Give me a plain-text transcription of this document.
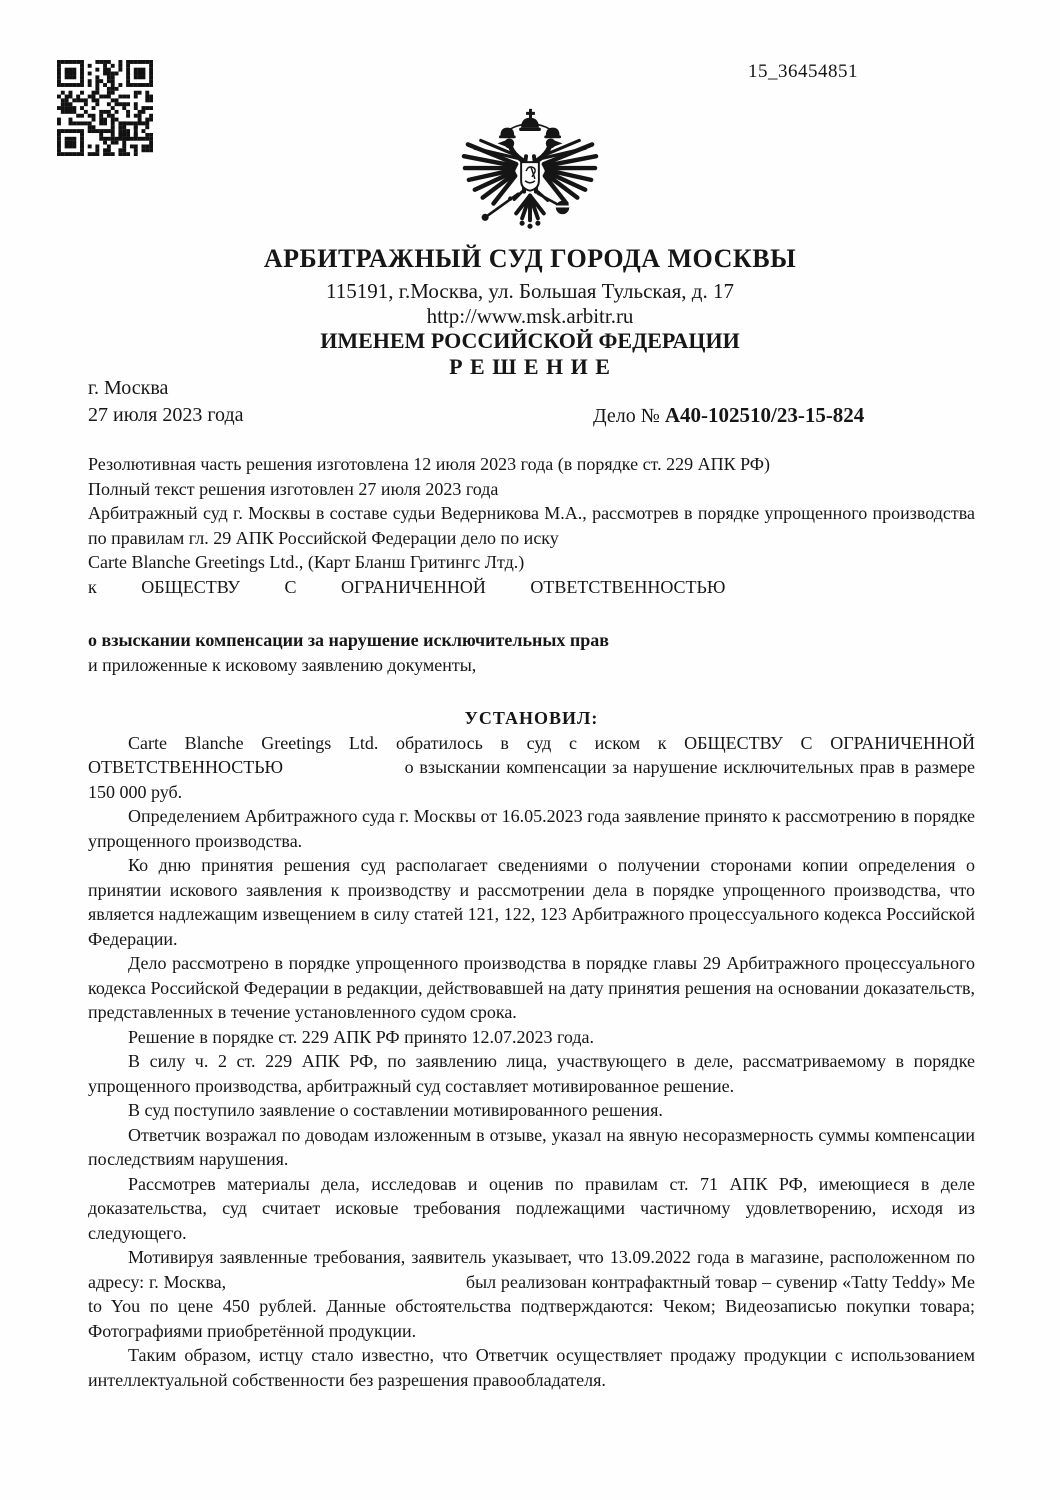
15_36454851
АРБИТРАЖНЫЙ СУД ГОРОДА МОСКВЫ
115191, г.Москва, ул. Большая Тульская, д. 17
http://www.msk.arbitr.ru
ИМЕНЕМ РОССИЙСКОЙ ФЕДЕРАЦИИ
Р Е Ш Е Н И Е
г. Москва
27 июля 2023 года	Дело № А40-102510/23-15-824

Резолютивная часть решения изготовлена 12 июля 2023 года (в порядке ст. 229 АПК РФ)

Полный текст решения изготовлен 27 июля 2023 года

Арбитражный суд г. Москвы в составе судьи Ведерникова М.А., рассмотрев в порядке упрощенного производства по правилам гл. 29 АПК Российской Федерации дело по иску

Carte Blanche Greetings Ltd., (Карт Бланш Гритингс Лтд.)

к ОБЩЕСТВУ С ОГРАНИЧЕННОЙ ОТВЕТСТВЕННОСТЬЮ

о взыскании компенсации за нарушение исключительных прав

и приложенные к исковому заявлению документы,

УСТАНОВИЛ:

Carte Blanche Greetings Ltd. обратилось в суд с иском к ОБЩЕСТВУ С ОГРАНИЧЕННОЙ ОТВЕТСТВЕННОСТЬЮ	о взыскании компенсации за нарушение исключительных прав в размере 150 000 руб.

Определением Арбитражного суда г. Москвы от 16.05.2023 года заявление принято к рассмотрению в порядке упрощенного производства.

Ко дню принятия решения суд располагает сведениями о получении сторонами копии определения о принятии искового заявления к производству и рассмотрении дела в порядке упрощенного производства, что является надлежащим извещением в силу статей 121, 122, 123 Арбитражного процессуального кодекса Российской Федерации.

Дело рассмотрено в порядке упрощенного производства в порядке главы 29 Арбитражного процессуального кодекса Российской Федерации в редакции, действовавшей на дату принятия решения на основании доказательств, представленных в течение установленного судом срока.

Решение в порядке ст. 229 АПК РФ принято 12.07.2023 года.

В силу ч. 2 ст. 229 АПК РФ, по заявлению лица, участвующего в деле, рассматриваемому в порядке упрощенного производства, арбитражный суд составляет мотивированное решение.

В суд поступило заявление о составлении мотивированного решения.

Ответчик возражал по доводам изложенным в отзыве, указал на явную несоразмерность суммы компенсации последствиям нарушения.

Рассмотрев материалы дела, исследовав и оценив по правилам ст. 71 АПК РФ, имеющиеся в деле доказательства, суд считает исковые требования подлежащими частичному удовлетворению, исходя из следующего.

Мотивируя заявленные требования, заявитель указывает, что 13.09.2022 года в магазине, расположенном по адресу: г. Москва,	был реализован контрафактный товар – сувенир «Tatty Teddy» Me to You по цене 450 рублей. Данные обстоятельства подтверждаются: Чеком; Видеозаписью покупки товара; Фотографиями приобретённой продукции.

Таким образом, истцу стало известно, что Ответчик осуществляет продажу продукции с использованием интеллектуальной собственности без разрешения правообладателя.
